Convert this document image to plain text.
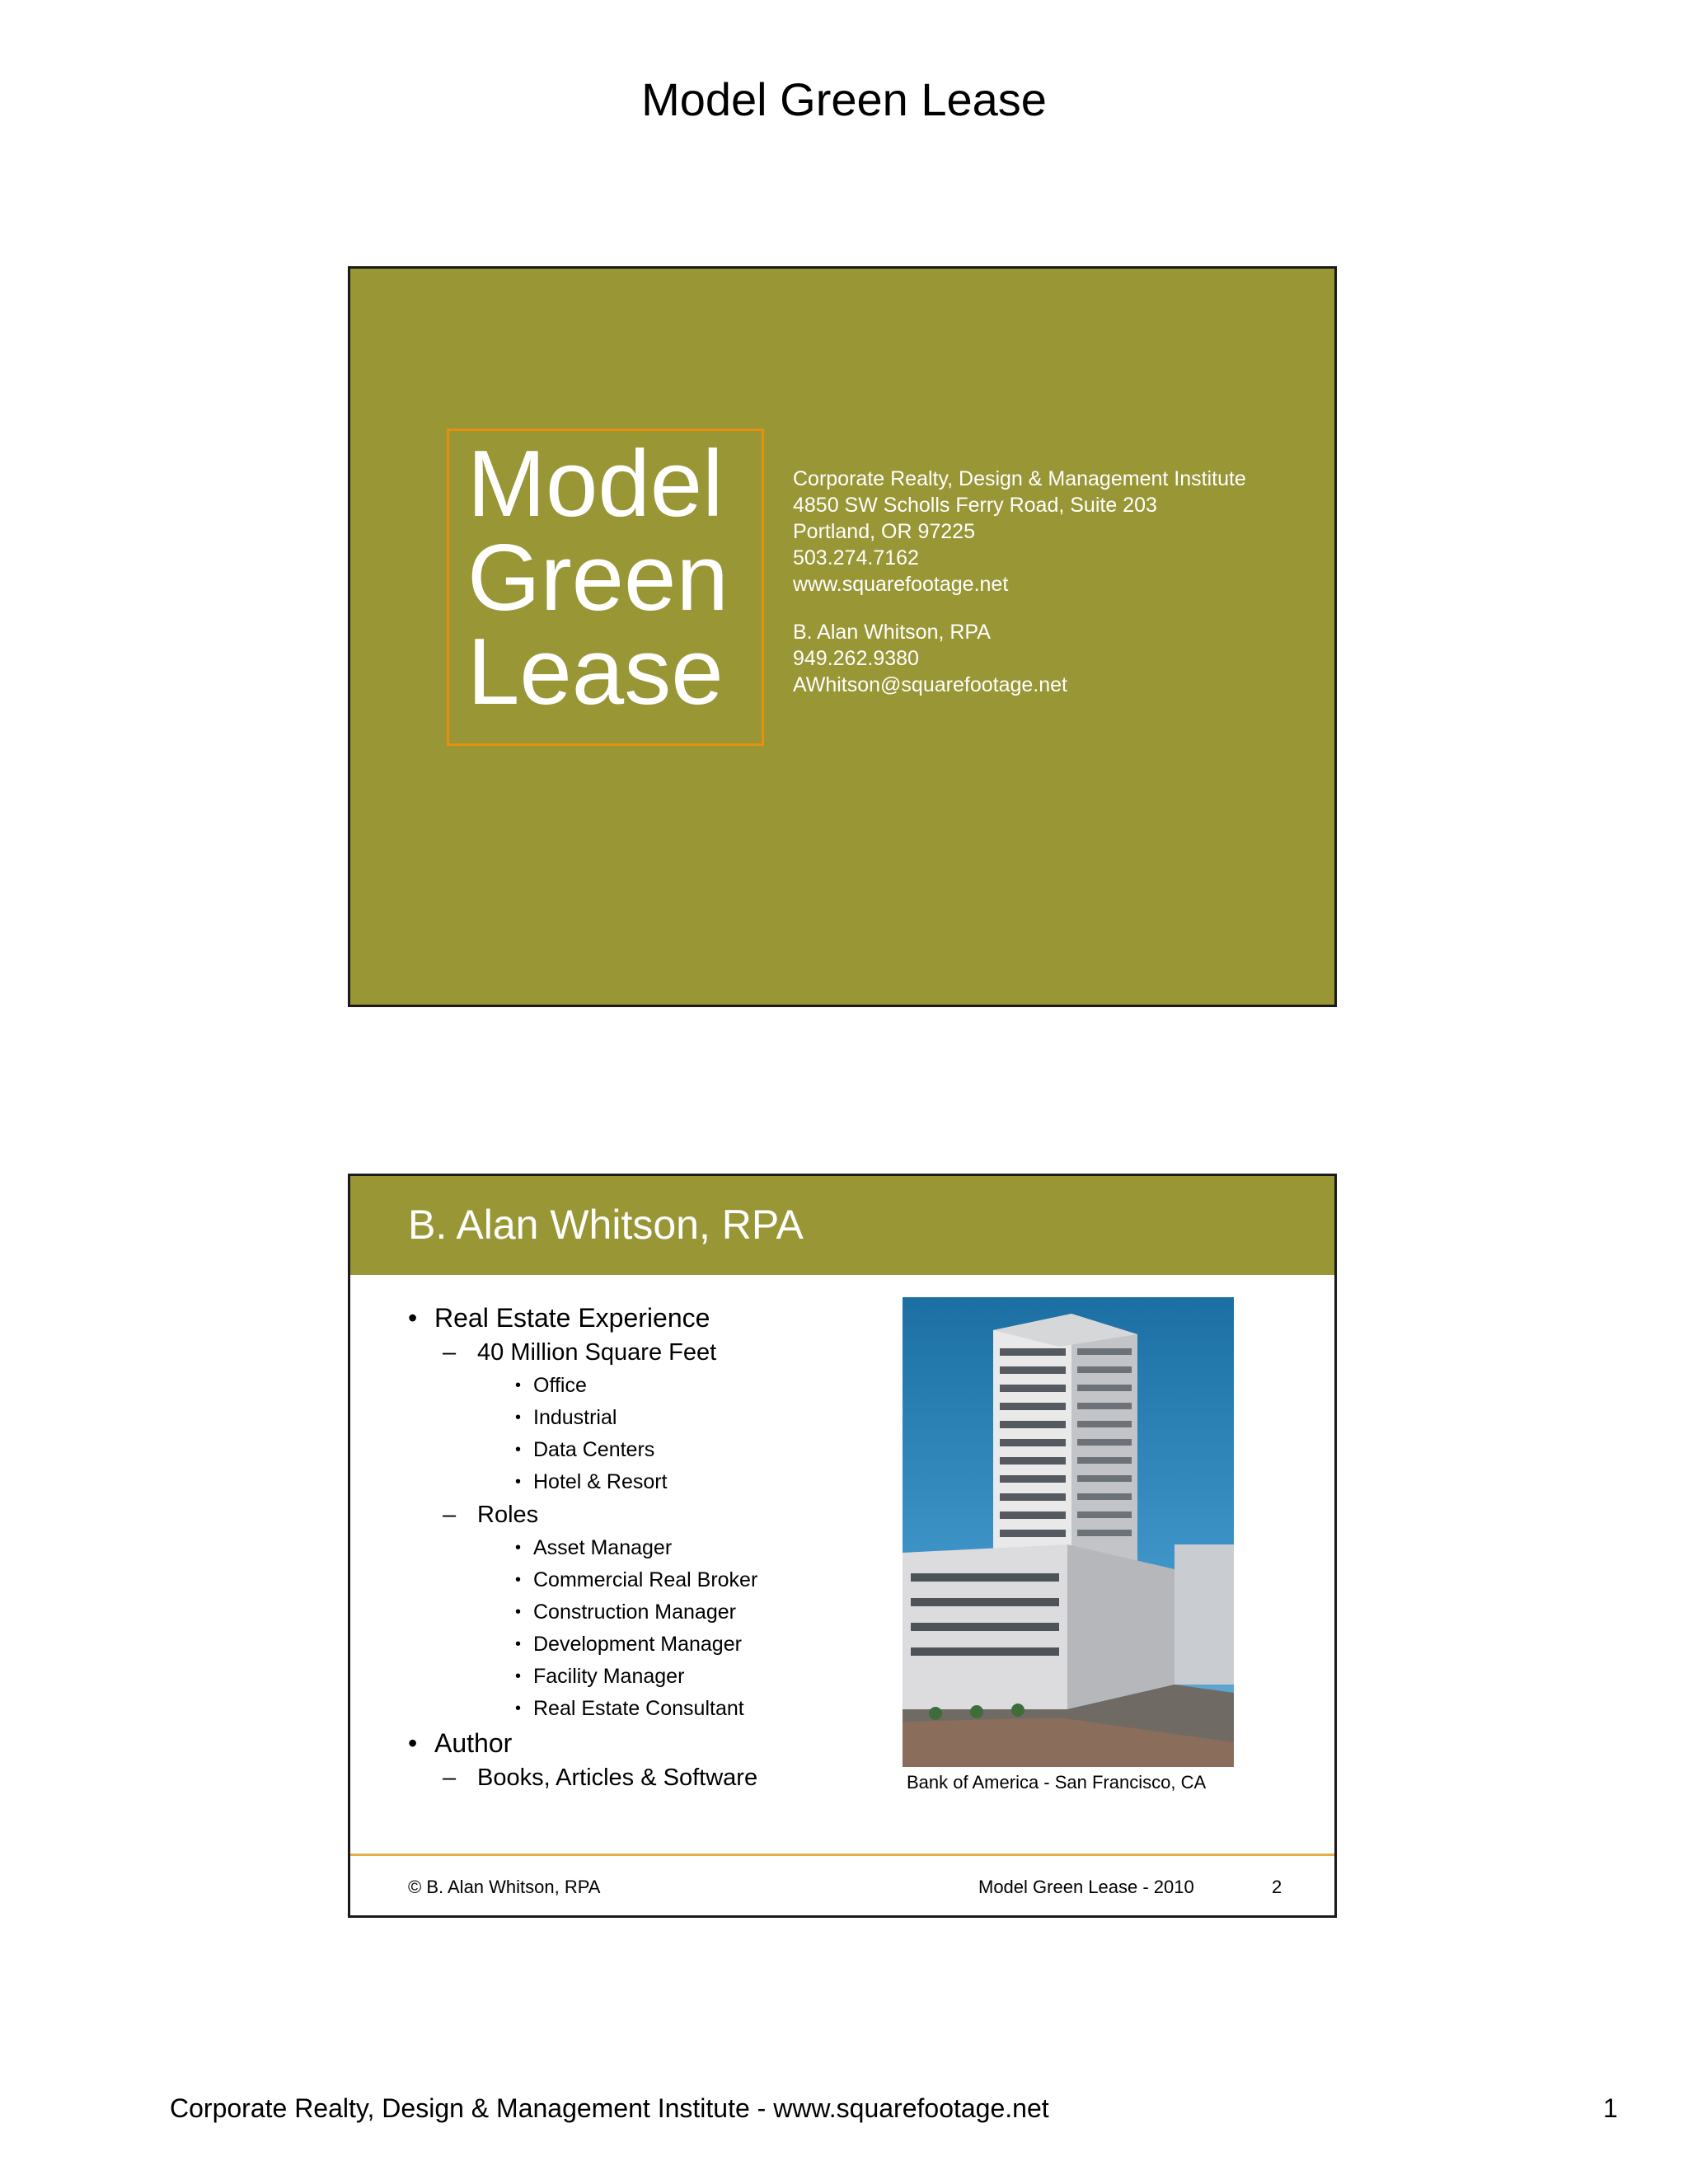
Model Green Lease
Model
Green
Lease
Corporate Realty, Design & Management Institute
4850 SW Scholls Ferry Road, Suite 203
Portland, OR 97225
503.274.7162
www.squarefootage.net
B. Alan Whitson, RPA
949.262.9380
AWhitson@squarefootage.net
B. Alan Whitson, RPA
• Real Estate Experience
– 40 Million Square Feet
• Office
• Industrial
• Data Centers
• Hotel & Resort
– Roles
• Asset Manager
• Commercial Real Broker
• Construction Manager
• Development Manager
• Facility Manager
• Real Estate Consultant
• Author
– Books, Articles & Software	Bank of America - San Francisco, CA
© B. Alan Whitson, RPA	Model Green Lease - 2010	2
Corporate Realty, Design & Management Institute - www.squarefootage.net	1
